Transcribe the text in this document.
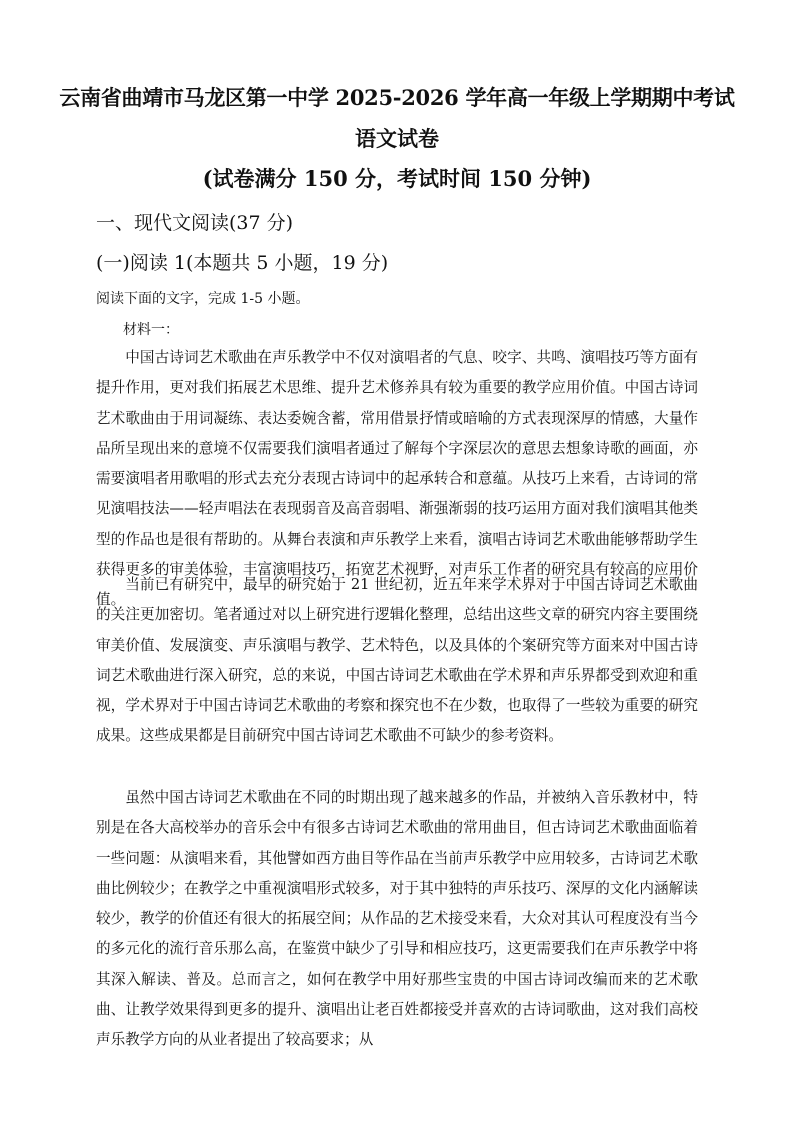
云南省曲靖市马龙区第一中学 2025-2026 学年高一年级上学期期中考试
语文试卷
(试卷满分 150 分，考试时间 150 分钟)
一、现代文阅读(37 分)
(一)阅读 1(本题共 5 小题，19 分)
阅读下面的文字，完成 1-5 小题。
材料一：

中国古诗词艺术歌曲在声乐教学中不仅对演唱者的气息、咬字、共鸣、演唱技巧等方面有提升作用，更对我们拓展艺术思维、提升艺术修养具有较为重要的教学应用价值。中国古诗词艺术歌曲由于用词凝练、表达委婉含蓄，常用借景抒情或暗喻的方式表现深厚的情感，大量作品所呈现出来的意境不仅需要我们演唱者通过了解每个字深层次的意思去想象诗歌的画面，亦需要演唱者用歌唱的形式去充分表现古诗词中的起承转合和意蕴。从技巧上来看，古诗词的常见演唱技法——轻声唱法在表现弱音及高音弱唱、渐强渐弱的技巧运用方面对我们演唱其他类型的作品也是很有帮助的。从舞台表演和声乐教学上来看，演唱古诗词艺术歌曲能够帮助学生获得更多的审美体验，丰富演唱技巧，拓宽艺术视野，对声乐工作者的研究具有较高的应用价值。

当前已有研究中，最早的研究始于 21 世纪初，近五年来学术界对于中国古诗词艺术歌曲的关注更加密切。笔者通过对以上研究进行逻辑化整理，总结出这些文章的研究内容主要围绕审美价值、发展演变、声乐演唱与教学、艺术特色，以及具体的个案研究等方面来对中国古诗词艺术歌曲进行深入研究，总的来说，中国古诗词艺术歌曲在学术界和声乐界都受到欢迎和重视，学术界对于中国古诗词艺术歌曲的考察和探究也不在少数，也取得了一些较为重要的研究成果。这些成果都是目前研究中国古诗词艺术歌曲不可缺少的参考资料。

虽然中国古诗词艺术歌曲在不同的时期出现了越来越多的作品，并被纳入音乐教材中，特别是在各大高校举办的音乐会中有很多古诗词艺术歌曲的常用曲目，但古诗词艺术歌曲面临着一些问题：从演唱来看，其他譬如西方曲目等作品在当前声乐教学中应用较多，古诗词艺术歌曲比例较少；在教学之中重视演唱形式较多，对于其中独特的声乐技巧、深厚的文化内涵解读较少，教学的价值还有很大的拓展空间；从作品的艺术接受来看，大众对其认可程度没有当今的多元化的流行音乐那么高，在鉴赏中缺少了引导和相应技巧，这更需要我们在声乐教学中将其深入解读、普及。总而言之，如何在教学中用好那些宝贵的中国古诗词改编而来的艺术歌曲、让教学效果得到更多的提升、演唱出让老百姓都接受并喜欢的古诗词歌曲，这对我们高校声乐教学方向的从业者提出了较高要求；从
